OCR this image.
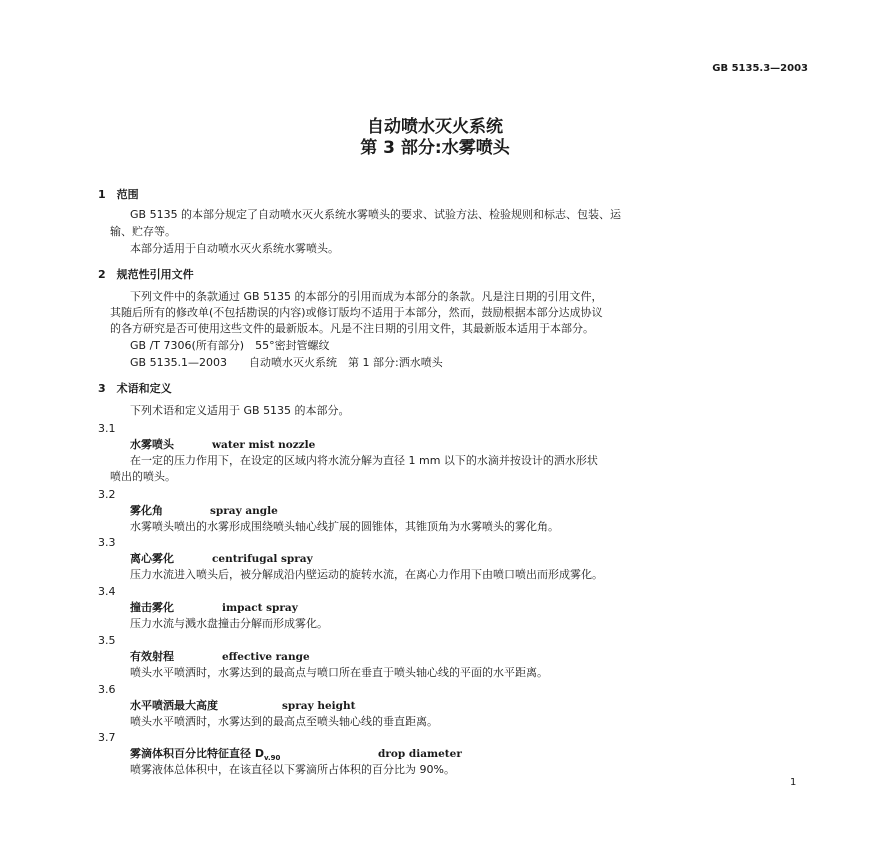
GB 5135.3—2003
自动喷水灭火系统
第 3 部分:水雾喷头
1　范围
GB 5135 的本部分规定了自动喷水灭火系统水雾喷头的要求、试验方法、检验规则和标志、包装、运
输、贮存等。
本部分适用于自动喷水灭火系统水雾喷头。
2　规范性引用文件
下列文件中的条款通过 GB 5135 的本部分的引用而成为本部分的条款。凡是注日期的引用文件，
其随后所有的修改单(不包括勘误的内容)或修订版均不适用于本部分，然而，鼓励根据本部分达成协议
的各方研究是否可使用这些文件的最新版本。凡是不注日期的引用文件，其最新版本适用于本部分。
GB /T 7306(所有部分)　55°密封管螺纹
GB 5135.1—2003　　自动喷水灭火系统　第 1 部分:洒水喷头
3　术语和定义
下列术语和定义适用于 GB 5135 的本部分。
3.1
水雾喷头	water mist nozzle
在一定的压力作用下，在设定的区域内将水流分解为直径 1 mm 以下的水滴并按设计的洒水形状
喷出的喷头。
3.2
雾化角	spray angle
水雾喷头喷出的水雾形成围绕喷头轴心线扩展的圆锥体，其锥顶角为水雾喷头的雾化角。
3.3
离心雾化	centrifugal spray
压力水流进入喷头后，被分解成沿内壁运动的旋转水流，在离心力作用下由喷口喷出而形成雾化。
3.4
撞击雾化	impact spray
压力水流与溅水盘撞击分解而形成雾化。
3.5
有效射程	effective range
喷头水平喷洒时，水雾达到的最高点与喷口所在垂直于喷头轴心线的平面的水平距离。
3.6
水平喷洒最大高度	spray height
喷头水平喷洒时，水雾达到的最高点至喷头轴心线的垂直距离。
3.7
雾滴体积百分比特征直径 $D_{v.90}$	drop diameter
喷雾液体总体积中，在该直径以下雾滴所占体积的百分比为 90%。
1
